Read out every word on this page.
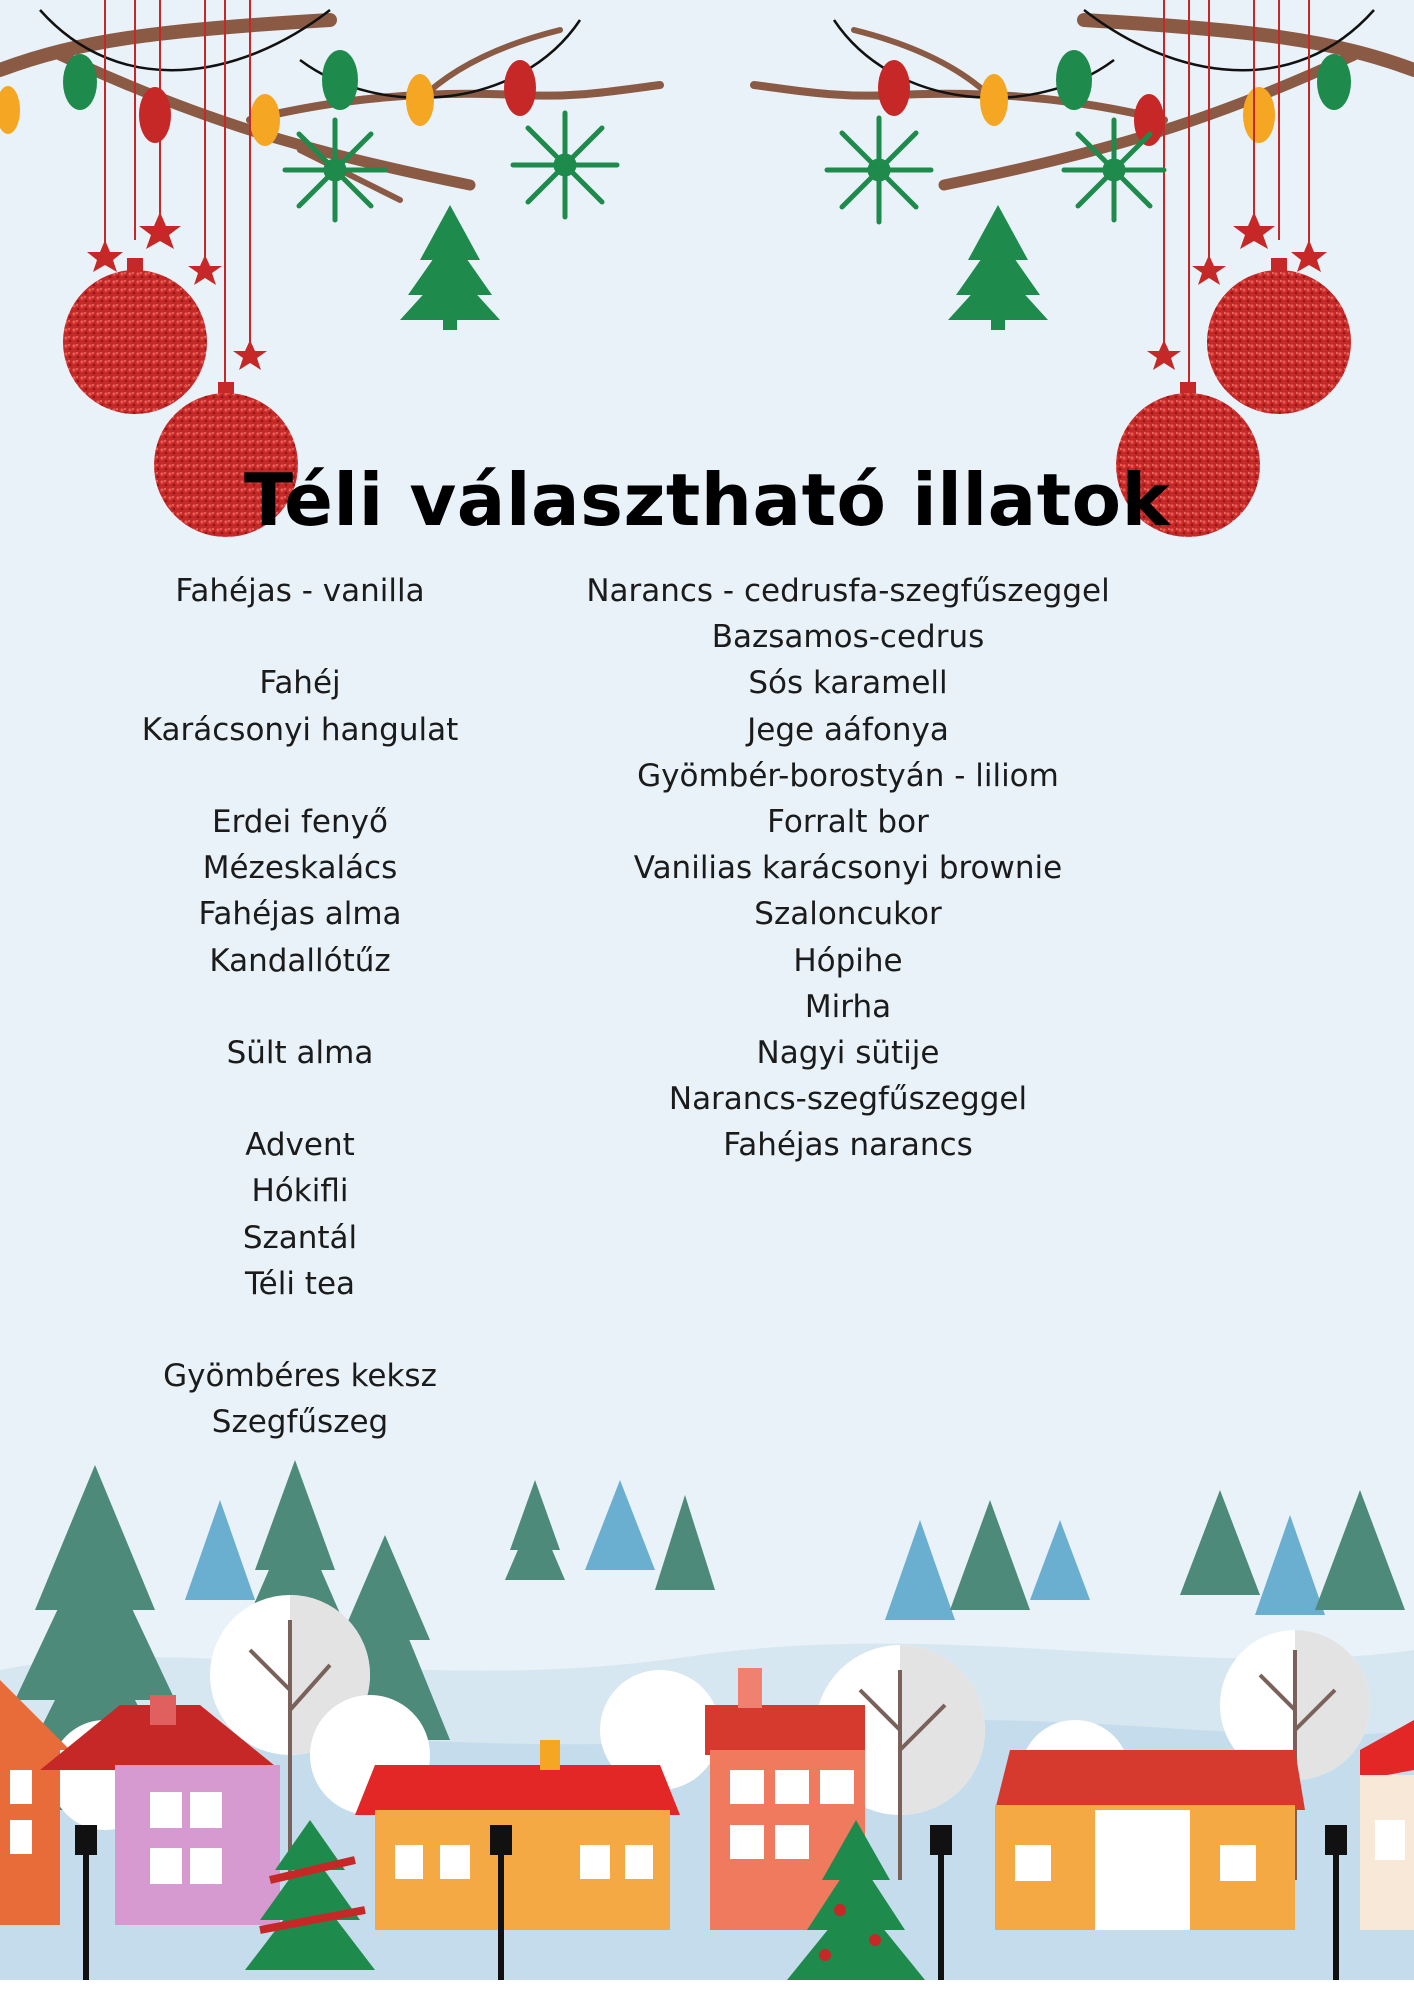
Téli választható illatok
Fahéjas - vanilla
Fahéj
Karácsonyi hangulat
Erdei fenyő
Mézeskalács
Fahéjas alma
Kandallótűz
Sült alma
Advent
Hókifli
Szantál
Téli tea
Gyömbéres keksz
Szegfűszeg
Narancs - cedrusfa-szegfűszeggel
Bazsamos-cedrus
Sós karamell
Jege aáfonya
Gyömbér-borostyán - liliom
Forralt bor
Vanilias karácsonyi brownie
Szaloncukor
Hópihe
Mirha
Nagyi sütije
Narancs-szegfűszeggel
Fahéjas narancs
